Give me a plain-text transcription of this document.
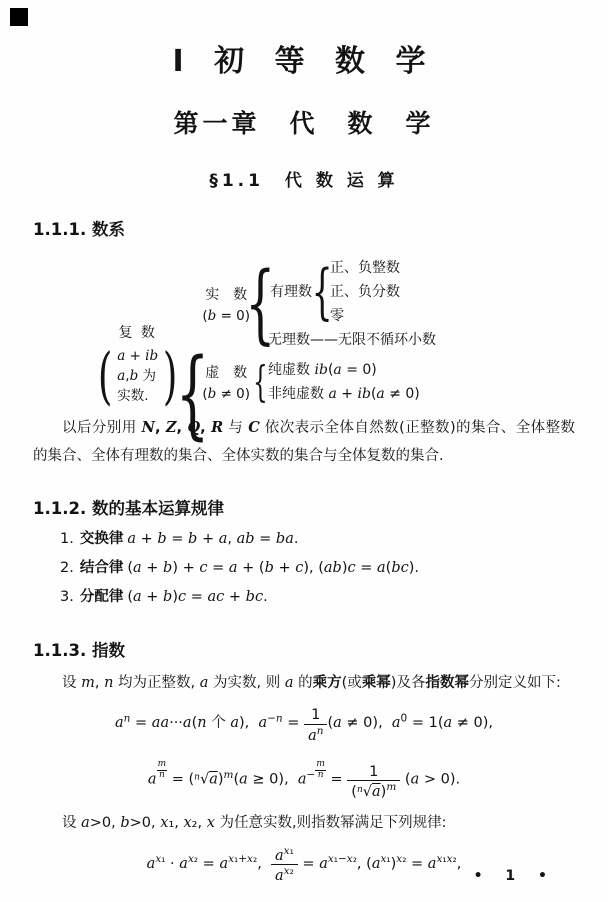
I 初 等 数 学
第一章　代　数　学
§1.1　代 数 运 算
1.1.1. 数系
复 数
(
a + ib
a,b 为
实数.
)
{
实　数
(b = 0)
{
有理数
{
正、负整数
正、负分数
零
无理数——无限不循环小数
虚　数
(b ≠ 0)
{
纯虚数 ib(a = 0)
非纯虚数 a + ib(a ≠ 0)

以后分别用 N, Z, Q, R 与 C 依次表示全体自然数(正整数)的集合、全体整数的集合、全体有理数的集合、全体实数的集合与全体复数的集合.

1.1.2. 数的基本运算规律
1. 交换律 a + b = b + a, ab = ba.
2. 结合律 (a + b) + c = a + (b + c), (ab)c = a(bc).
3. 分配律 (a + b)c = ac + bc.
1.1.3. 指数

设 m, n 均为正整数, a 为实数, 则 a 的乘方(或乘幂)及各指数幂分别定义如下:

$a^n = aa\cdot\cdot\cdot a(n$ 个 a),  $a^{-n} = \frac{1}{a^n} (a \ne 0)$,  $a^0 = 1(a \ne 0)$,
a $^{\frac{m}{n}} = (^n√a)^m(a \ge 0)$,  $a^{- \frac{m}{n}} = \frac{1}{(^n√a)^m} (a > 0)$.

设 a>0, b>0, x₁, x₂, x 为任意实数,则指数幂满足下列规律:

$a^{x_1} \cdot a^{x_2} = a^{x_1+x_2}$, $\frac{a^{x_1}}{a^{x_2}} = a^{x_1-x_2}$, $(a^{x_1})^{x_2} = a^{x_1x_2}$,
• 1 •
